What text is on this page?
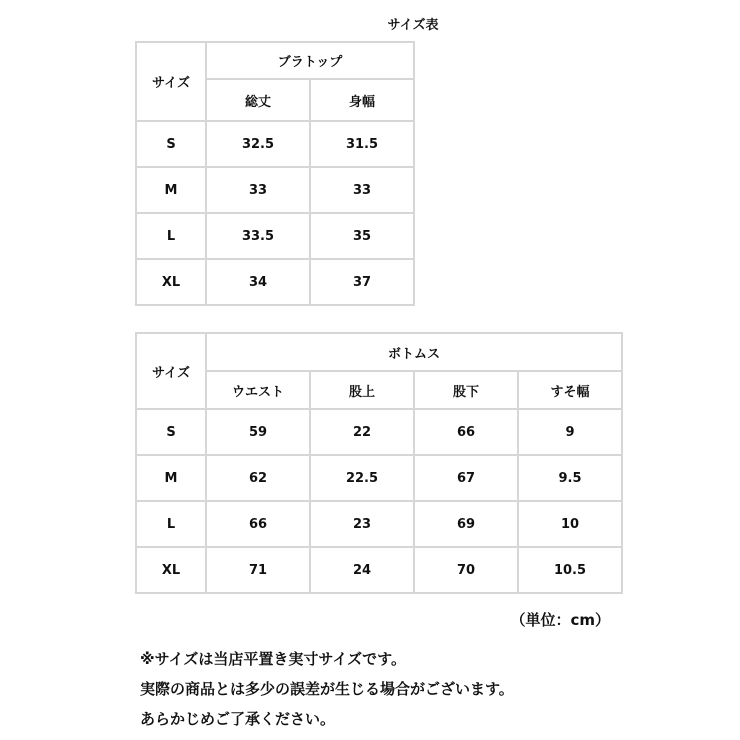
サイズ表
サイズ	ブラトップ	
	総丈	身幅
S	32.5	31.5
M	33	33
L	33.5	35
XL	34	37
サイズ	ボトムス			
	ウエスト	股上	股下	すそ幅
S	59	22	66	9
M	62	22.5	67	9.5
L	66	23	69	10
XL	71	24	70	10.5
（単位：cm）
※サイズは当店平置き実寸サイズです。
実際の商品とは多少の誤差が生じる場合がございます。
あらかじめご了承ください。
